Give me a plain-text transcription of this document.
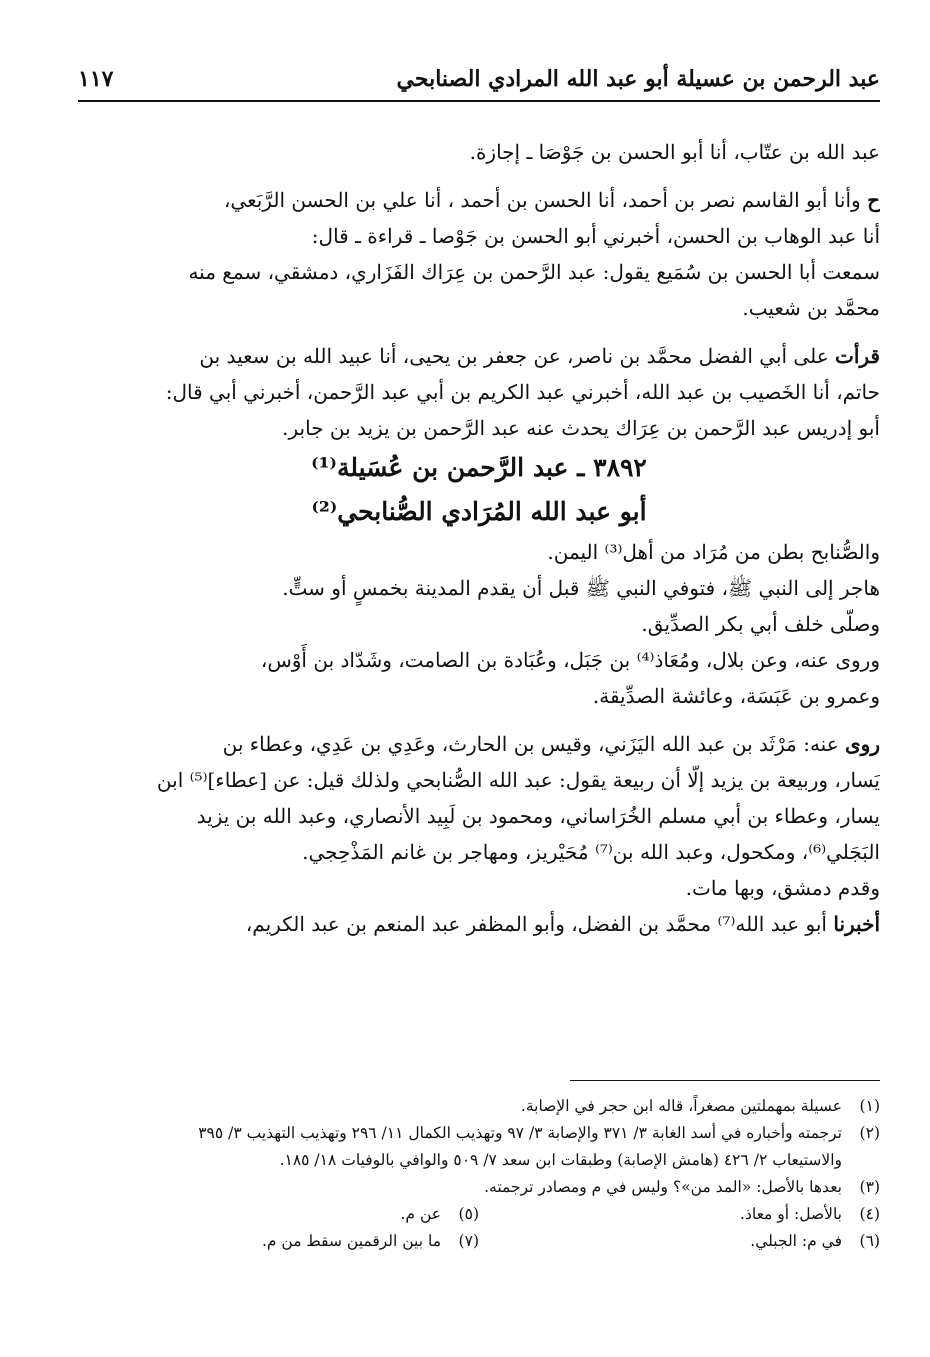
عبد الرحمن بن عسيلة أبو عبد الله المرادي الصنابحي
١١٧
عبد الله بن عتّاب، أنا أبو الحسن بن جَوْصَا ـ إجازة.
ح وأنا أبو القاسم نصر بن أحمد، أنا الحسن بن أحمد ، أنا علي بن الحسن الرَّبَعي،
أنا عبد الوهاب بن الحسن، أخبرني أبو الحسن بن جَوْصا ـ قراءة ـ قال:
سمعت أبا الحسن بن سُمَيع يقول: عبد الرَّحمن بن عِرَاك الفَزَاري، دمشقي، سمع منه
محمَّد بن شعيب.
قرأت على أبي الفضل محمَّد بن ناصر، عن جعفر بن يحيى، أنا عبيد الله بن سعيد بن
حاتم، أنا الخَصيب بن عبد الله، أخبرني عبد الكريم بن أبي عبد الرَّحمن، أخبرني أبي قال:
أبو إدريس عبد الرَّحمن بن عِرَاك يحدث عنه عبد الرَّحمن بن يزيد بن جابر.
٣٨٩٢ ـ عبد الرَّحمن بن عُسَيلة⁽¹⁾
أبو عبد الله المُرَادي الصُّنابحي⁽²⁾
والصُّنابح بطن من مُرَاد من أهل⁽³⁾ اليمن.
هاجر إلى النبي ﷺ، فتوفي النبي ﷺ قبل أن يقدم المدينة بخمسٍ أو ستٍّ.
وصلّى خلف أبي بكر الصدِّيق.
وروى عنه، وعن بلال، ومُعَاذ⁽⁴⁾ بن جَبَل، وعُبَادة بن الصامت، وشَدّاد بن أَوْس،
وعمرو بن عَبَسَة، وعائشة الصدِّيقة.
روى عنه: مَرْثَد بن عبد الله اليَزَني، وقيس بن الحارث، وعَدِي بن عَدِي، وعطاء بن
يَسار، وربيعة بن يزيد إلّا أن ربيعة يقول: عبد الله الصُّنابحي ولذلك قيل: عن [عطاء]⁽⁵⁾ ابن
يسار، وعطاء بن أبي مسلم الخُرَاساني، ومحمود بن لَبِيد الأنصاري، وعبد الله بن يزيد
البَجَلي⁽⁶⁾، ومكحول، وعبد الله بن⁽⁷⁾ مُحَيْريز، ومهاجر بن غانم المَذْحِجي.
وقدم دمشق، وبها مات.
أخبرنا أبو عبد الله⁽⁷⁾ محمَّد بن الفضل، وأبو المظفر عبد المنعم بن عبد الكريم،
(١)عسيلة بمهملتين مصغراً، قاله ابن حجر في الإصابة.
(٢)ترجمته وأخباره في أسد الغابة ٣/ ٣٧١ والإصابة ٣/ ٩٧ وتهذيب الكمال ١١/ ٢٩٦ وتهذيب التهذيب ٣/ ٣٩٥
والاستيعاب ٢/ ٤٢٦ (هامش الإصابة) وطبقات ابن سعد ٧/ ٥٠٩ والوافي بالوفيات ١٨/ ١٨٥.
(٣)بعدها بالأصل: «المد من»؟ وليس في م ومصادر ترجمته.
(٤)بالأصل: أو معاذ.
(٥)عن م.
(٦)في م: الجبلي.
(٧)ما بين الرقمين سقط من م.
